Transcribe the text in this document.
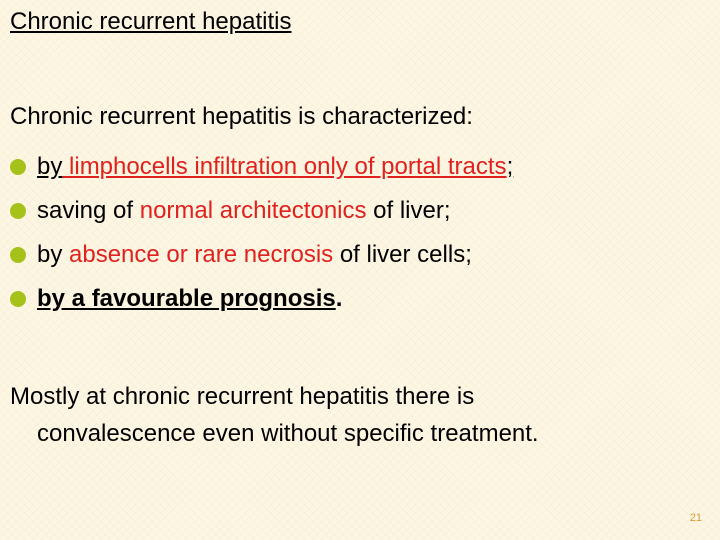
Chronic recurrent hepatitis
Chronic recurrent hepatitis is characterized:
by limphocells infiltration only of portal tracts;
saving of normal architectonics of liver;
by absence or rare necrosis of liver cells;
by a favourable prognosis.
Mostly at chronic recurrent hepatitis there is
convalescence even without specific treatment.
21
